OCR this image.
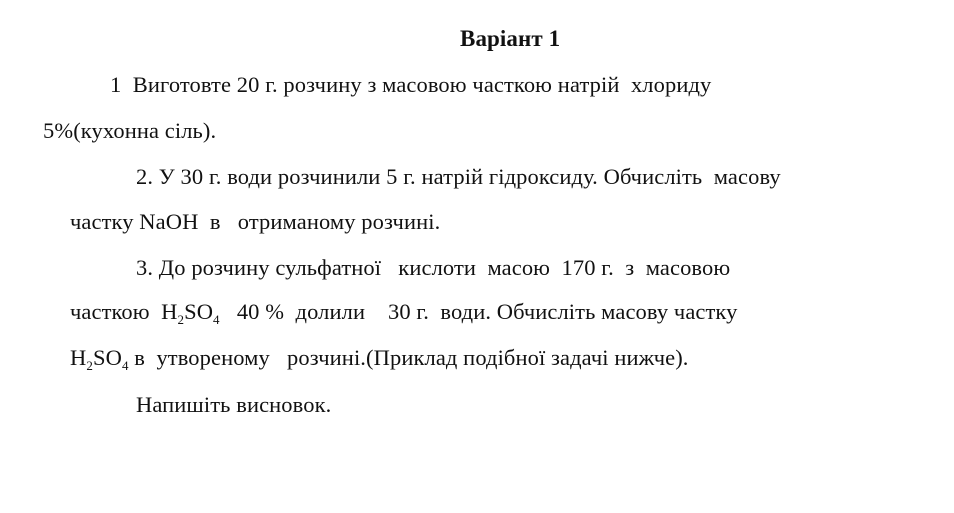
Варіант 1
1  Виготовте 20 г. розчину з масовою часткою натрій  хлориду
5%(кухонна сіль).
2. У 30 г. води розчинили 5 г. натрій гідроксиду. Обчисліть  масову
частку NaOH  в   отриманому розчині.
3. До розчину сульфатної   кислоти  масою  170 г.  з  масовою
часткою  $H_2SO_4$   40 %  долили    30 г.  води. Обчисліть масову частку
$H_2SO_4$ в  утвореному   розчині.(Приклад подібної задачі нижче).
Напишіть висновок.
